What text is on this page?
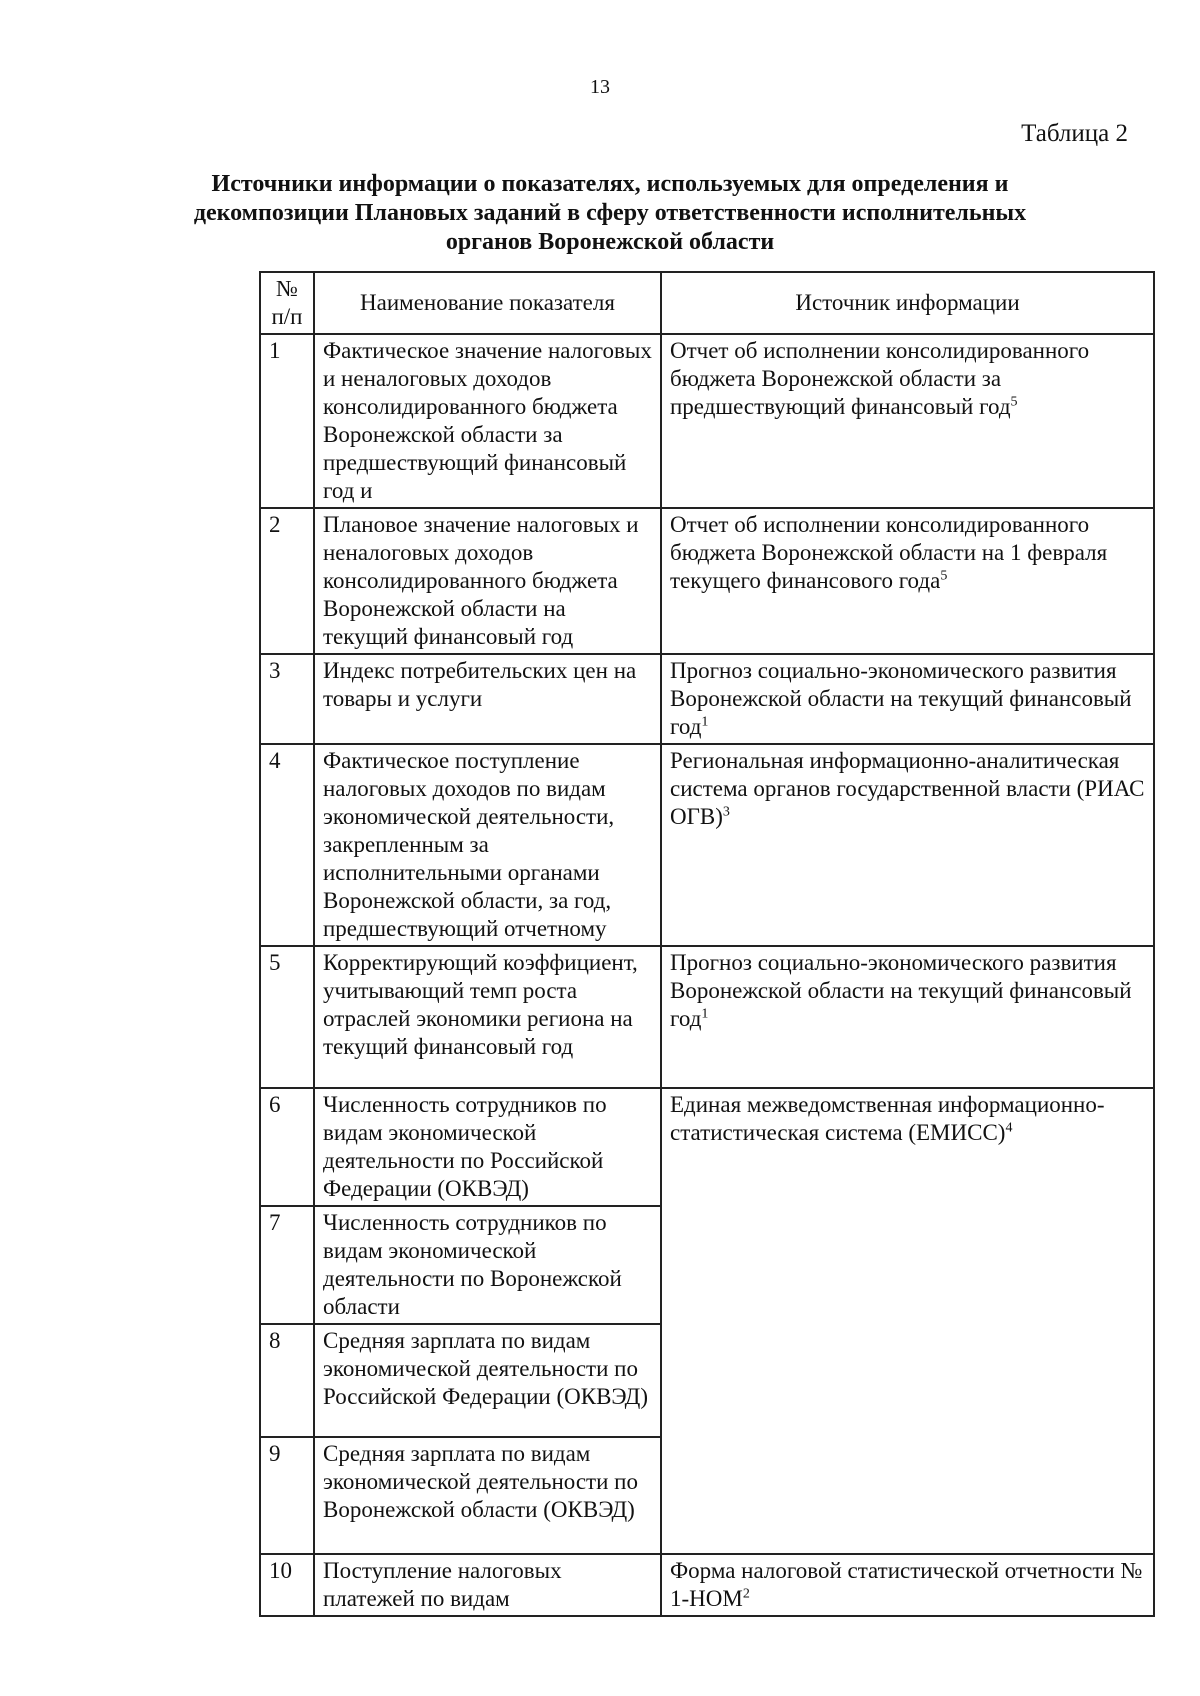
13
Таблица 2
Источники информации о показателях, используемых для определения и декомпозиции Плановых заданий в сферу ответственности исполнительных органов Воронежской области
№
п/п	Наименование показателя	Источник информации
1	Фактическое значение налоговых и неналоговых доходов консолидированного бюджета Воронежской области за предшествующий финансовый год и	Отчет об исполнении консолидированного бюджета Воронежской области за предшествующий финансовый год$^5$
2	Плановое значение налоговых и неналоговых доходов консолидированного бюджета Воронежской области на текущий финансовый год	Отчет об исполнении консолидированного бюджета Воронежской области на 1 февраля текущего финансового года$^5$
3	Индекс потребительских цен на товары и услуги	Прогноз социально-экономического развития Воронежской области на текущий финансовый год$^1$
4	Фактическое поступление налоговых доходов по видам экономической деятельности, закрепленным за исполнительными органами Воронежской области, за год, предшествующий отчетному	Региональная информационно-аналитическая система органов государственной власти (РИАС ОГВ)$^3$
5	Корректирующий коэффициент, учитывающий темп роста отраслей экономики региона на текущий финансовый год	Прогноз социально-экономического развития Воронежской области на текущий финансовый год$^1$
6	Численность сотрудников по видам экономической деятельности по Российской Федерации (ОКВЭД)	Единая межведомственная информационно-статистическая система (ЕМИСС)$^4$
7	Численность сотрудников по видам экономической деятельности по Воронежской области	
8	Средняя зарплата по видам экономической деятельности по Российской Федерации (ОКВЭД)	
9	Средняя зарплата по видам экономической деятельности по Воронежской области (ОКВЭД)	
10	Поступление налоговых платежей по видам	Форма налоговой статистической отчетности № 1-НОМ$^2$
